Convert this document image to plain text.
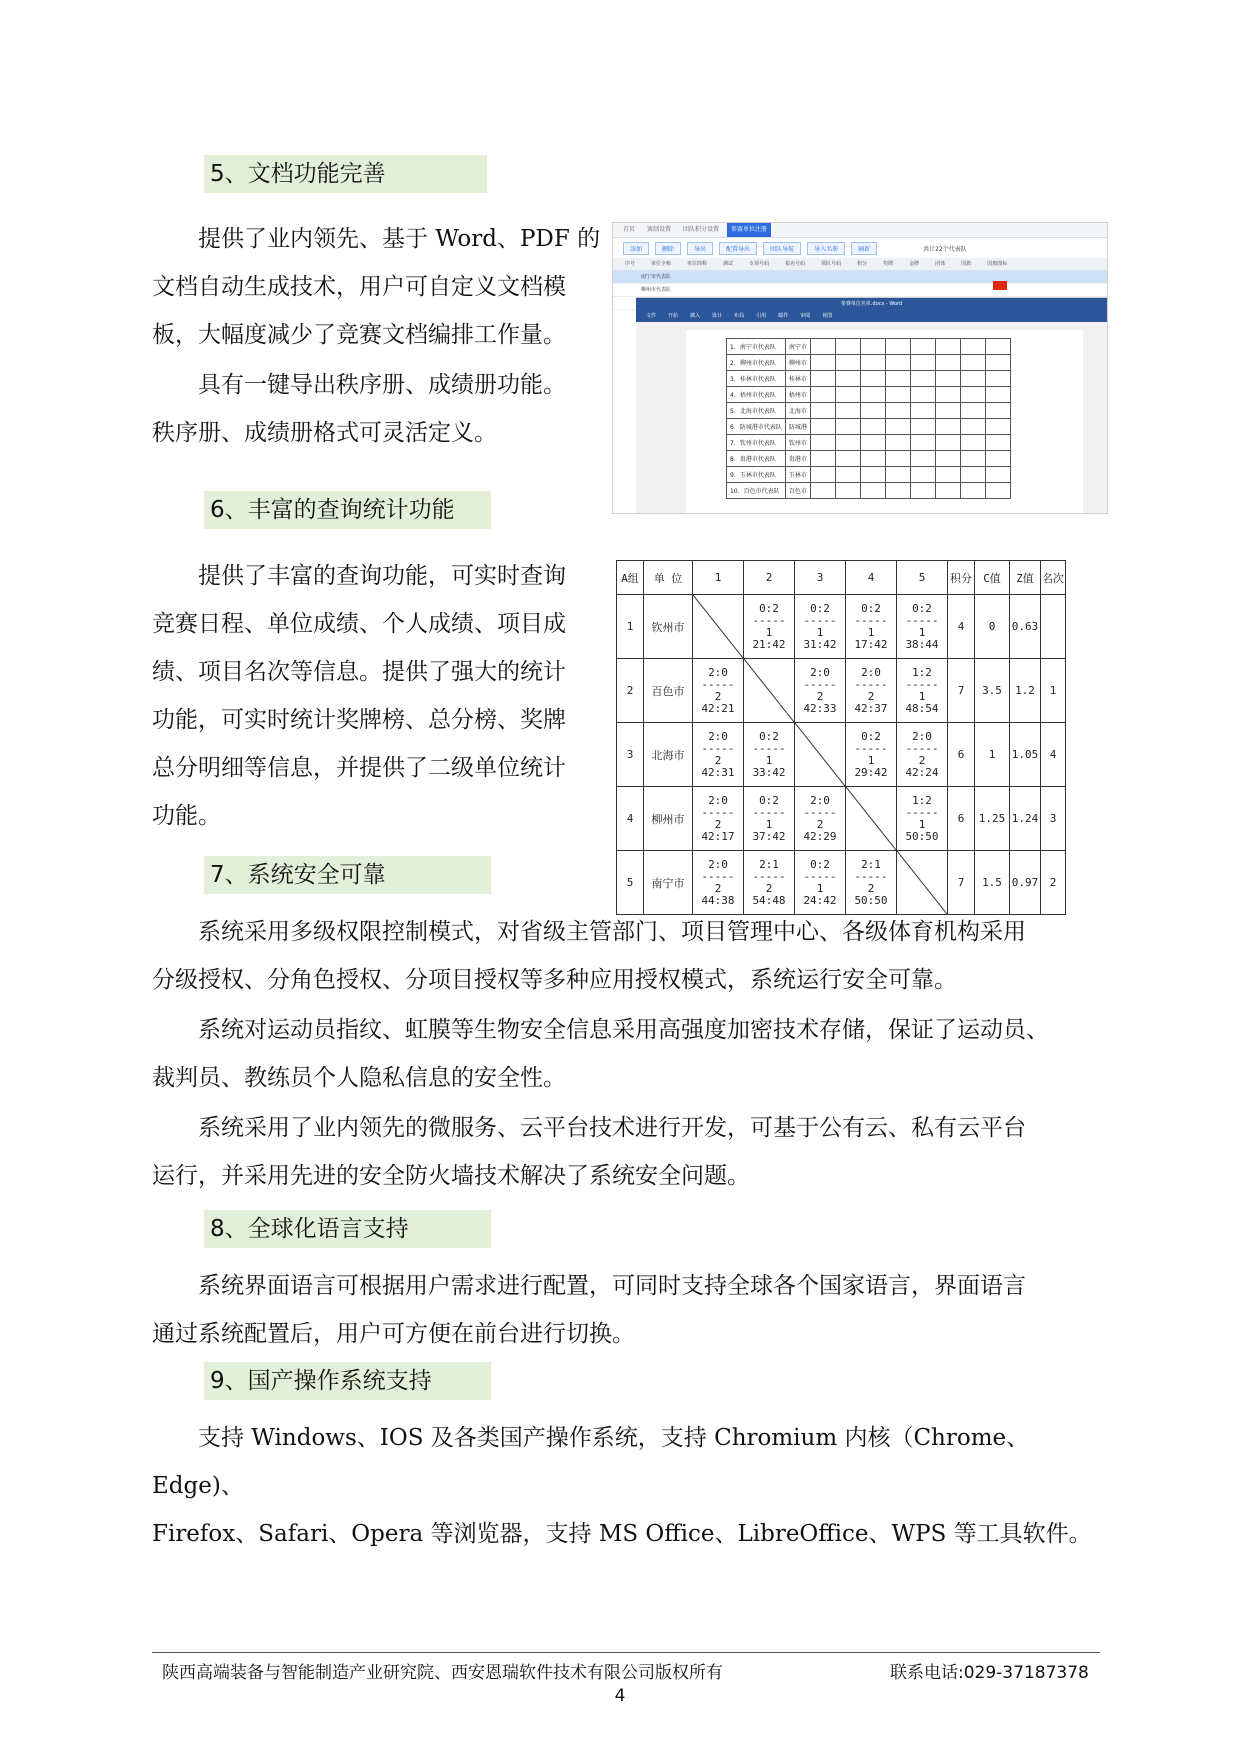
5、文档功能完善

提供了业内领先、基于 Word、PDF 的

文档自动生成技术，用户可自定义文档模

板，大幅度减少了竞赛文档编排工作量。

具有一键导出秩序册、成绩册功能。

秩序册、成绩册格式可灵活定义。

首页	赛制设置	团队积分设置	参赛单位注册
添加	删除	导出	配置导出	团队导航	导入名册	刷新	共计22个代表队
序号	单位全称	单位简称	测试	专项号码	报名号码	领队号码	积分	奖牌	金牌	团体	国旗	国旗图标
南宁市代表队
柳州市代表队
参赛单位名单.docx - Word
文件 开始 插入 设计 布局 引用 邮件 审阅 视图
1．南宁市代表队	南宁市								
2．柳州市代表队	柳州市								
3．桂林市代表队	桂林市								
4．梧州市代表队	梧州市								
5．北海市代表队	北海市								
6．防城港市代表队	防城港								
7．钦州市代表队	钦州市								
8．贵港市代表队	贵港市								
9．玉林市代表队	玉林市								
10．百色市代表队	百色市								
6、丰富的查询统计功能

提供了丰富的查询功能，可实时查询

竞赛日程、单位成绩、个人成绩、项目成

绩、项目名次等信息。提供了强大的统计

功能，可实时统计奖牌榜、总分榜、奖牌

总分明细等信息，并提供了二级单位统计

功能。

A组	单 位	1	2	3	4	5	积分	C值	Z值	名次
1	钦州市		0:2
-----
1
21:42	0:2
-----
1
31:42	0:2
-----
1
17:42	0:2
-----
1
38:44	4	0	0.63	
2	百色市	2:0
-----
2
42:21		2:0
-----
2
42:33	2:0
-----
2
42:37	1:2
-----
1
48:54	7	3.5	1.2	1
3	北海市	2:0
-----
2
42:31	0:2
-----
1
33:42		0:2
-----
1
29:42	2:0
-----
2
42:24	6	1	1.05	4
4	柳州市	2:0
-----
2
42:17	0:2
-----
1
37:42	2:0
-----
2
42:29		1:2
-----
1
50:50	6	1.25	1.24	3
5	南宁市	2:0
-----
2
44:38	2:1
-----
2
54:48	0:2
-----
1
24:42	2:1
-----
2
50:50		7	1.5	0.97	2
7、系统安全可靠

系统采用多级权限控制模式，对省级主管部门、项目管理中心、各级体育机构采用

分级授权、分角色授权、分项目授权等多种应用授权模式，系统运行安全可靠。

系统对运动员指纹、虹膜等生物安全信息采用高强度加密技术存储，保证了运动员、

裁判员、教练员个人隐私信息的安全性。

系统采用了业内领先的微服务、云平台技术进行开发，可基于公有云、私有云平台

运行，并采用先进的安全防火墙技术解决了系统安全问题。

8、全球化语言支持

系统界面语言可根据用户需求进行配置，可同时支持全球各个国家语言，界面语言

通过系统配置后，用户可方便在前台进行切换。

9、国产操作系统支持

支持 Windows、IOS 及各类国产操作系统，支持 Chromium 内核（Chrome、Edge)、

Firefox、Safari、Opera 等浏览器，支持 MS Office、LibreOffice、WPS 等工具软件。

陕西高端装备与智能制造产业研究院、西安恩瑞软件技术有限公司版权所有	联系电话:029-37187378
4
